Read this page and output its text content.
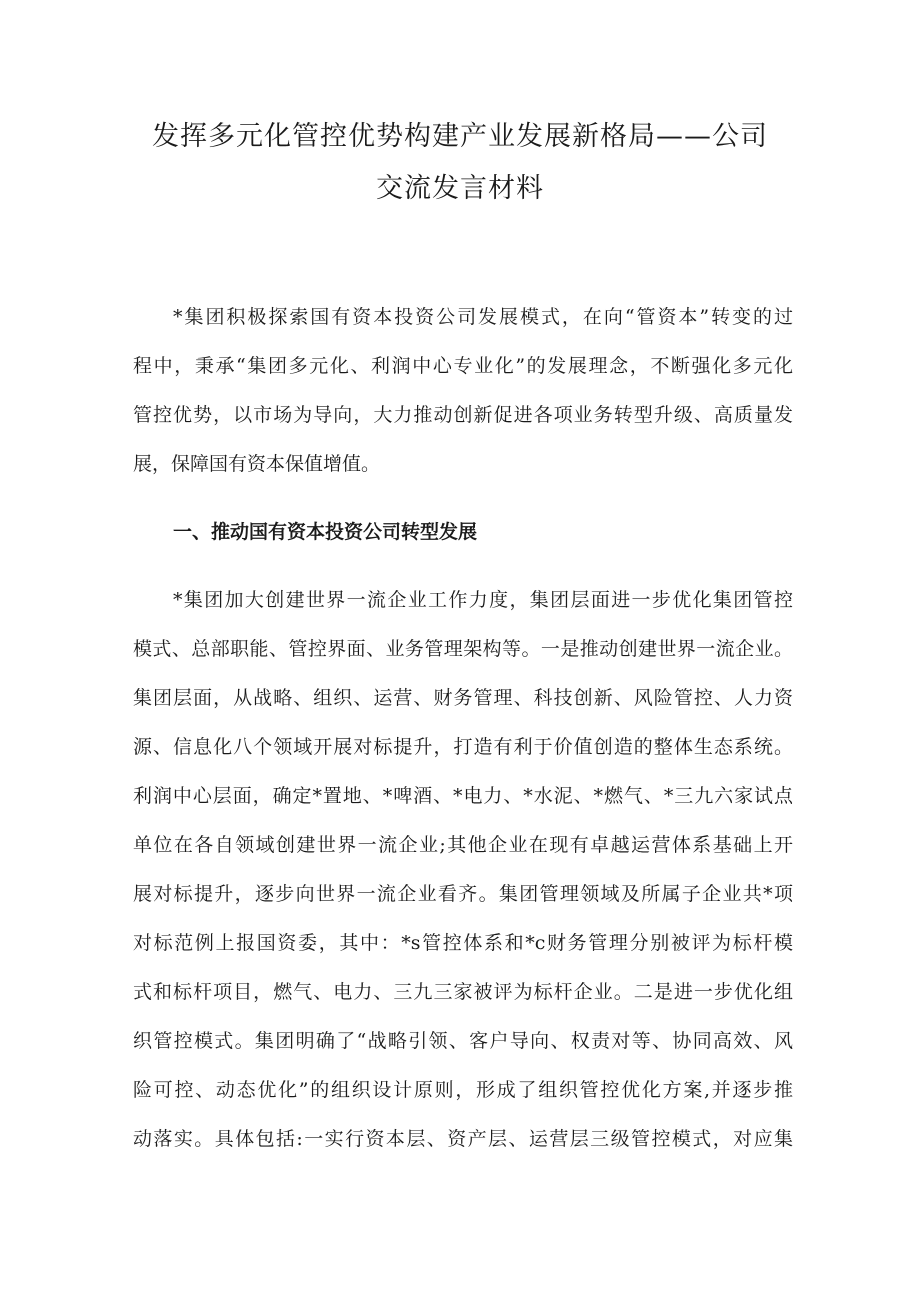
发挥多元化管控优势构建产业发展新格局——公司
交流发言材料

*集团积极探索国有资本投资公司发展模式，在向“管资本”转变的过

程中，秉承“集团多元化、利润中心专业化”的发展理念，不断强化多元化

管控优势，以市场为导向，大力推动创新促进各项业务转型升级、高质量发

展，保障国有资本保值增值。

一、推动国有资本投资公司转型发展

*集团加大创建世界一流企业工作力度，集团层面进一步优化集团管控

模式、总部职能、管控界面、业务管理架构等。一是推动创建世界一流企业。

集团层面，从战略、组织、运营、财务管理、科技创新、风险管控、人力资

源、信息化八个领域开展对标提升，打造有利于价值创造的整体生态系统。

利润中心层面，确定*置地、*啤酒、*电力、*水泥、*燃气、*三九六家试点

单位在各自领域创建世界一流企业;其他企业在现有卓越运营体系基础上开

展对标提升，逐步向世界一流企业看齐。集团管理领域及所属子企业共*项

对标范例上报国资委，其中：*s管控体系和*c财务管理分别被评为标杆模

式和标杆项目，燃气、电力、三九三家被评为标杆企业。二是进一步优化组

织管控模式。集团明确了“战略引领、客户导向、权责对等、协同高效、风

险可控、动态优化”的组织设计原则，形成了组织管控优化方案,并逐步推

动落实。具体包括:一实行资本层、资产层、运营层三级管控模式，对应集
